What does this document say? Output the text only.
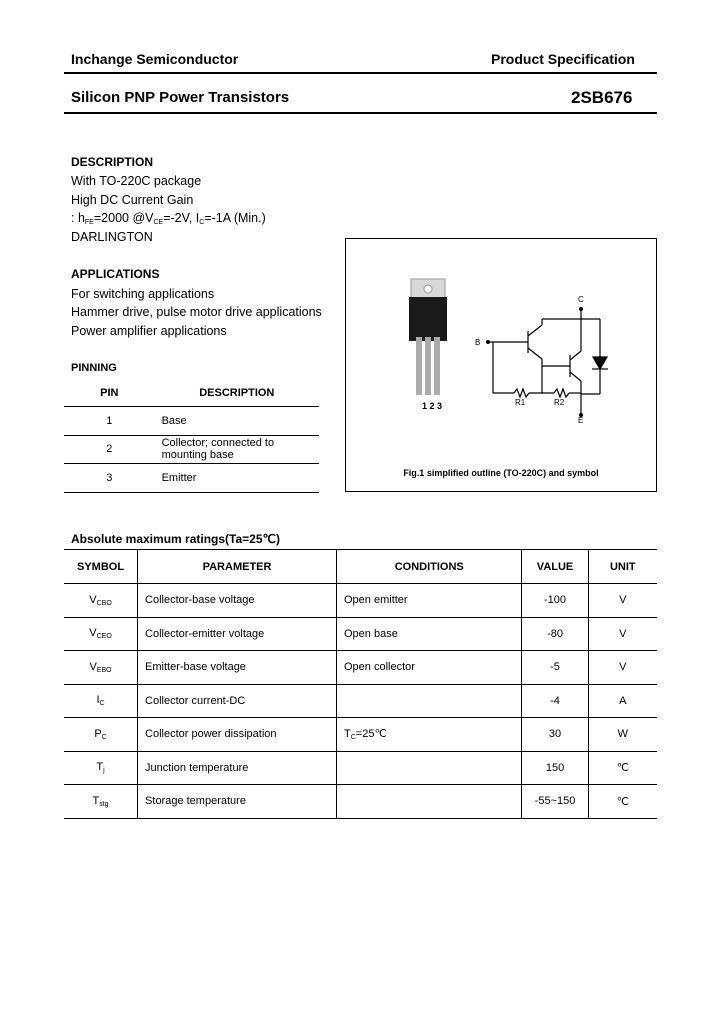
Inchange Semiconductor	Product Specification
Silicon PNP Power Transistors	2SB676
DESCRIPTION
With TO-220C package
High DC Current Gain
: $h_{FE}=2000$ $@V_{CE}=-2V$, $I_C=-1A$ (Min.)
DARLINGTON
APPLICATIONS
For switching applications
Hammer drive, pulse motor drive applications
Power amplifier applications
PINNING
PIN	DESCRIPTION
1	Base
2	Collector; connected to mounting base
3	Emitter
1 2 3
B
C
E
R1	R2
Fig.1 simplified outline (TO-220C) and symbol
Absolute maximum ratings(Ta=25℃)
SYMBOL	PARAMETER	CONDITIONS	VALUE	UNIT
$V_{CBO}$	Collector-base voltage	Open emitter	-100	V
$V_{CEO}$	Collector-emitter voltage	Open base	-80	V
$V_{EBO}$	Emitter-base voltage	Open collector	-5	V
$I_C$	Collector current-DC		-4	A
$P_C$	Collector power dissipation	$T_C=25℃$	30	W
$T_j$	Junction temperature		150	℃
$T_{stg}$	Storage temperature		-55~150	℃
